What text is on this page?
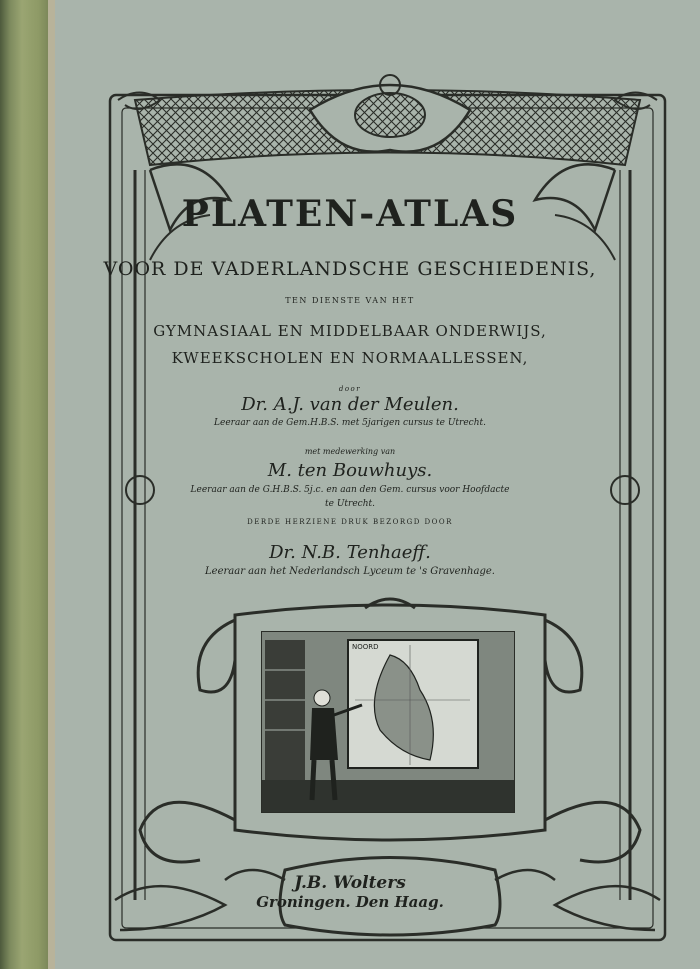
PLATEN-ATLAS
VOOR DE VADERLANDSCHE GESCHIEDENIS,
TEN DIENSTE VAN HET
GYMNASIAAL EN MIDDELBAAR ONDERWIJS,
KWEEKSCHOLEN EN NORMAALLESSEN,
door
Dr. A.J. van der Meulen.
Leeraar aan de Gem.H.B.S. met 5jarigen cursus te Utrecht.
met medewerking van
M. ten Bouwhuys.
Leeraar aan de G.H.B.S. 5j.c. en aan den Gem. cursus voor Hoofdacte
te Utrecht.
DERDE HERZIENE DRUK BEZORGD DOOR
Dr. N.B. Tenhaeff.
Leeraar aan het Nederlandsch Lyceum te 's Gravenhage.
NOORD
J.B. Wolters
Groningen. Den Haag.
